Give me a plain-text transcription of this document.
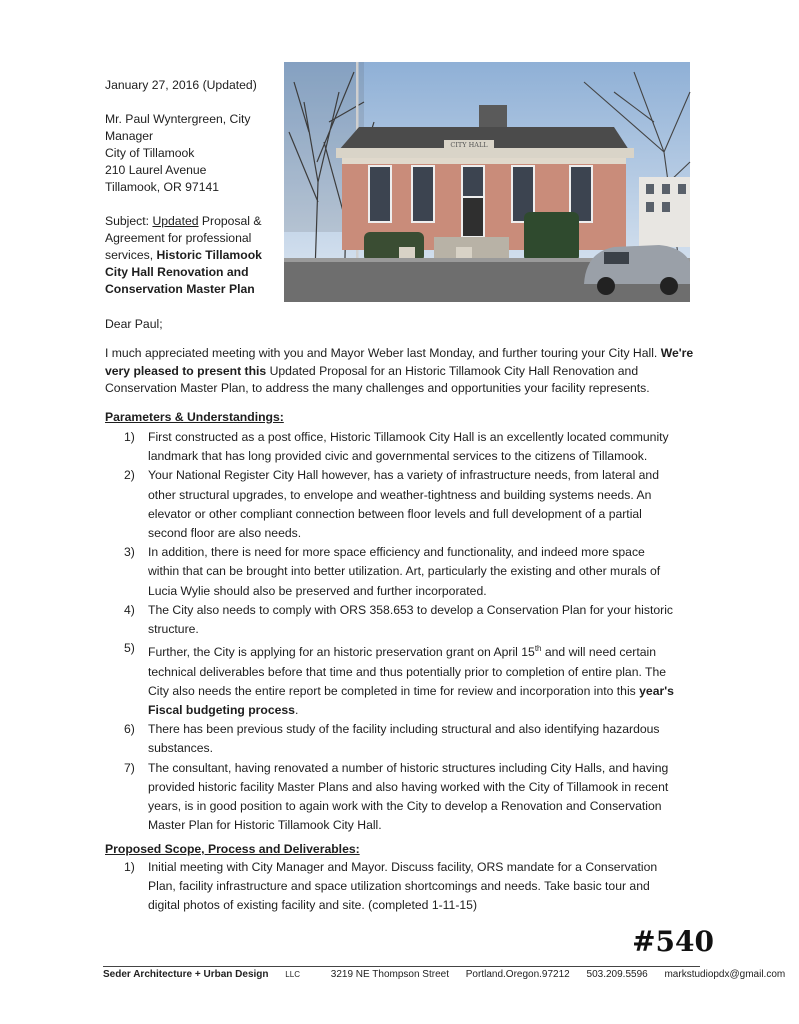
January 27, 2016 (Updated)

Mr. Paul Wyntergreen, City

Manager

City of Tillamook

210 Laurel Avenue

Tillamook, OR 97141

Subject: Updated Proposal & Agreement for professional services, Historic Tillamook City Hall Renovation and Conservation Master Plan

CITY HALL
Dear Paul;

I much appreciated meeting with you and Mayor Weber last Monday, and further touring your City Hall. We're very pleased to present this Updated Proposal for an Historic Tillamook City Hall Renovation and Conservation Master Plan, to address the many challenges and opportunities your facility represents.

Parameters & Understandings:
1) First constructed as a post office, Historic Tillamook City Hall is an excellently located community landmark that has long provided civic and governmental services to the citizens of Tillamook.
2) Your National Register City Hall however, has a variety of infrastructure needs, from lateral and other structural upgrades, to envelope and weather-tightness and building systems needs. An elevator or other compliant connection between floor levels and full development of a partial second floor are also needs.
3) In addition, there is need for more space efficiency and functionality, and indeed more space within that can be brought into better utilization. Art, particularly the existing and other murals of Lucia Wylie should also be preserved and further incorporated.
4) The City also needs to comply with ORS 358.653 to develop a Conservation Plan for your historic structure.
5) Further, the City is applying for an historic preservation grant on April 15th and will need certain technical deliverables before that time and thus potentially prior to completion of entire plan. The City also needs the entire report be completed in time for review and incorporation into this year's Fiscal budgeting process.
6) There has been previous study of the facility including structural and also identifying hazardous substances.
7) The consultant, having renovated a number of historic structures including City Halls, and having provided historic facility Master Plans and also having worked with the City of Tillamook in recent years, is in good position to again work with the City to develop a Renovation and Conservation Master Plan for Historic Tillamook City Hall.
Proposed Scope, Process and Deliverables:
1) Initial meeting with City Manager and Mayor. Discuss facility, ORS mandate for a Conservation Plan, facility infrastructure and space utilization shortcomings and needs. Take basic tour and digital photos of existing facility and site. (completed 1-11-15)
#540
Seder Architecture + Urban Design LLC	3219 NE Thompson Street Portland.Oregon.97212 503.209.5596 markstudiopdx@gmail.com
